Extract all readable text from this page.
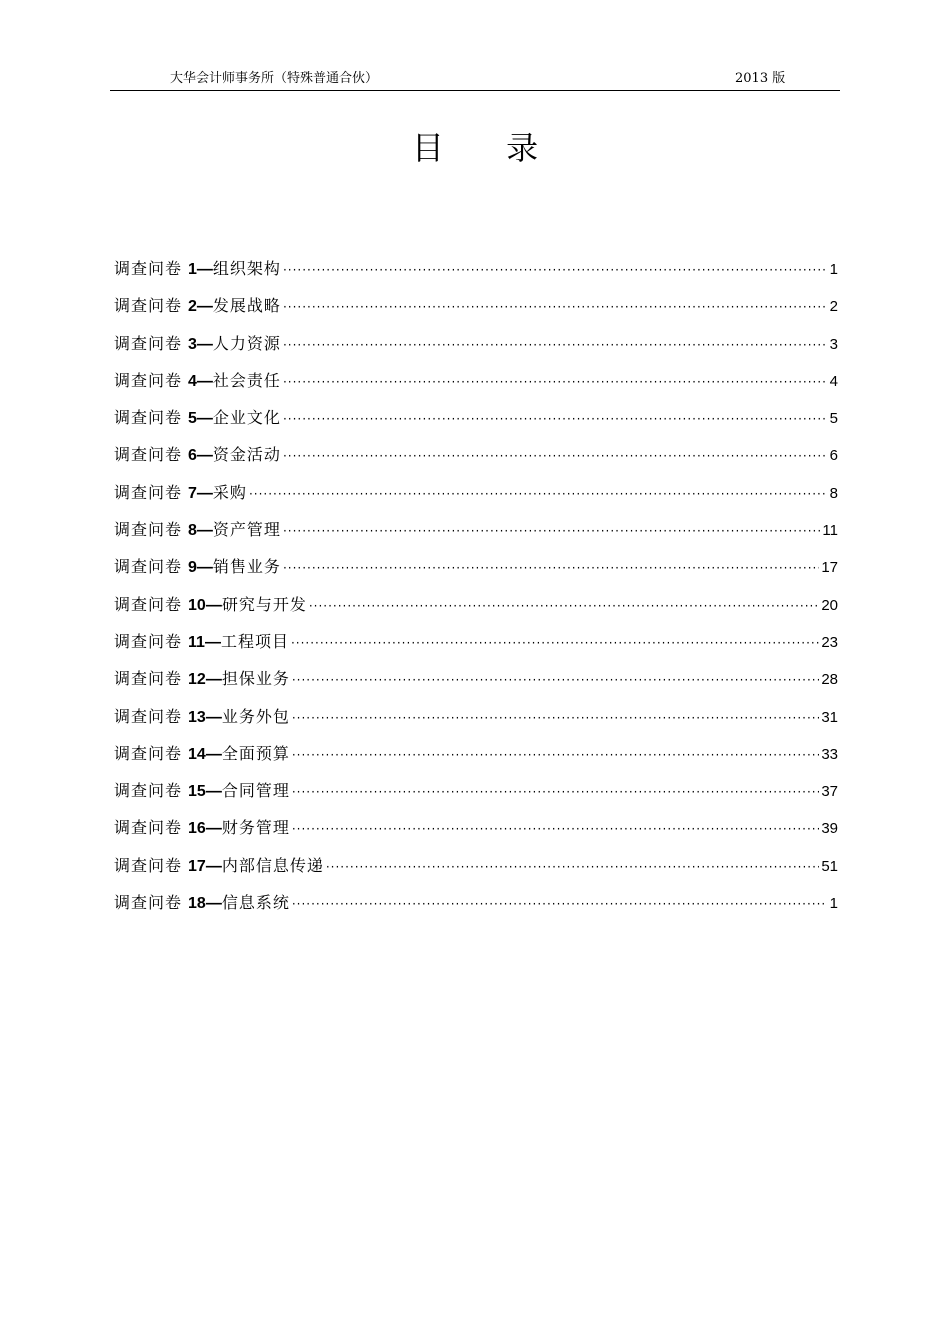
大华会计师事务所（特殊普通合伙）	2013 版
目 录
调查问卷 1 — 组织架构 ·····	1
调查问卷 2 — 发展战略 ·····	2
调查问卷 3 — 人力资源 ·····	3
调查问卷 4 — 社会责任 ·····	4
调查问卷 5 — 企业文化 ·····	5
调查问卷 6 — 资金活动 ·····	6
调查问卷 7 — 采购 ·····	8
调查问卷 8 — 资产管理 ·····	11
调查问卷 9 — 销售业务 ·····	17
调查问卷 10 — 研究与开发 ·····	20
调查问卷 11 — 工程项目 ·····	23
调查问卷 12 — 担保业务 ·····	28
调查问卷 13 — 业务外包 ·····	31
调查问卷 14 — 全面预算 ·····	33
调查问卷 15 — 合同管理 ·····	37
调查问卷 16 — 财务管理 ·····	39
调查问卷 17 — 内部信息传递 ·····	51
调查问卷 18 — 信息系统 ·····	1
